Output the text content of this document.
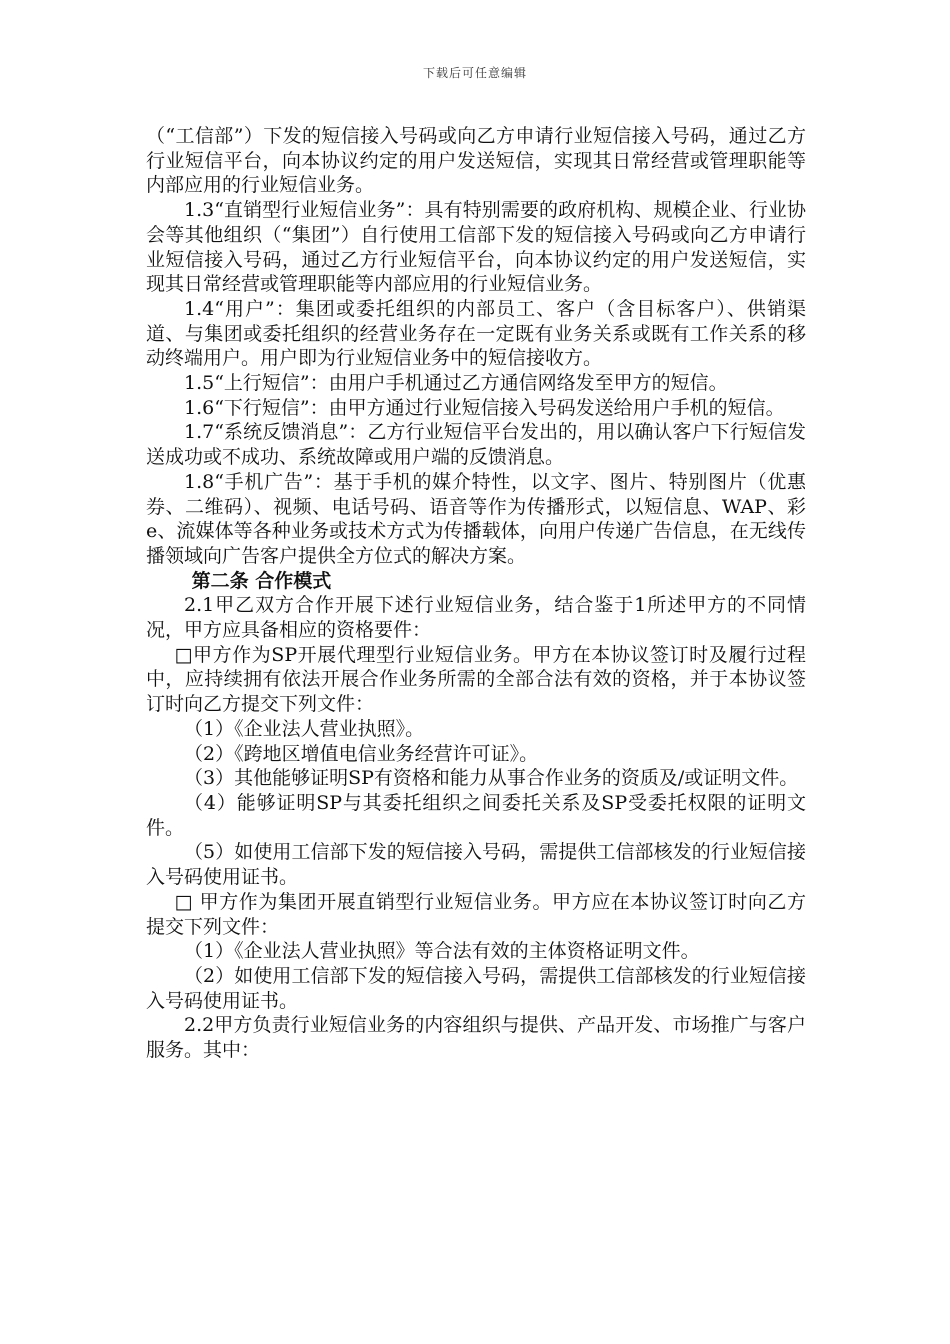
下载后可任意编辑

（“工信部”）下发的短信接入号码或向乙方申请行业短信接入号码，通过乙方行业短信平台，向本协议约定的用户发送短信，实现其日常经营或管理职能等内部应用的行业短信业务。

1.3“直销型行业短信业务”：具有特别需要的政府机构、规模企业、行业协会等其他组织（“集团”）自行使用工信部下发的短信接入号码或向乙方申请行业短信接入号码，通过乙方行业短信平台，向本协议约定的用户发送短信，实现其日常经营或管理职能等内部应用的行业短信业务。

1.4“用户”：集团或委托组织的内部员工、客户（含目标客户）、供销渠道、与集团或委托组织的经营业务存在一定既有业务关系或既有工作关系的移动终端用户。用户即为行业短信业务中的短信接收方。

1.5“上行短信”：由用户手机通过乙方通信网络发至甲方的短信。

1.6“下行短信”：由甲方通过行业短信接入号码发送给用户手机的短信。

1.7“系统反馈消息”：乙方行业短信平台发出的，用以确认客户下行短信发送成功或不成功、系统故障或用户端的反馈消息。

1.8“手机广告”：基于手机的媒介特性，以文字、图片、特别图片（优惠券、二维码）、视频、电话号码、语音等作为传播形式，以短信息、WAP、彩e、流媒体等各种业务或技术方式为传播载体，向用户传递广告信息，在无线传播领域向广告客户提供全方位式的解决方案。

第二条 合作模式

2.1甲乙双方合作开展下述行业短信业务，结合鉴于1所述甲方的不同情况，甲方应具备相应的资格要件：

□甲方作为SP开展代理型行业短信业务。甲方在本协议签订时及履行过程中，应持续拥有依法开展合作业务所需的全部合法有效的资格，并于本协议签订时向乙方提交下列文件：

（1）《企业法人营业执照》。

（2）《跨地区增值电信业务经营许可证》。

（3）其他能够证明SP有资格和能力从事合作业务的资质及/或证明文件。

（4）能够证明SP与其委托组织之间委托关系及SP受委托权限的证明文件。

（5）如使用工信部下发的短信接入号码，需提供工信部核发的行业短信接入号码使用证书。

□ 甲方作为集团开展直销型行业短信业务。甲方应在本协议签订时向乙方提交下列文件：

（1）《企业法人营业执照》等合法有效的主体资格证明文件。

（2）如使用工信部下发的短信接入号码，需提供工信部核发的行业短信接入号码使用证书。

2.2甲方负责行业短信业务的内容组织与提供、产品开发、市场推广与客户服务。其中：
